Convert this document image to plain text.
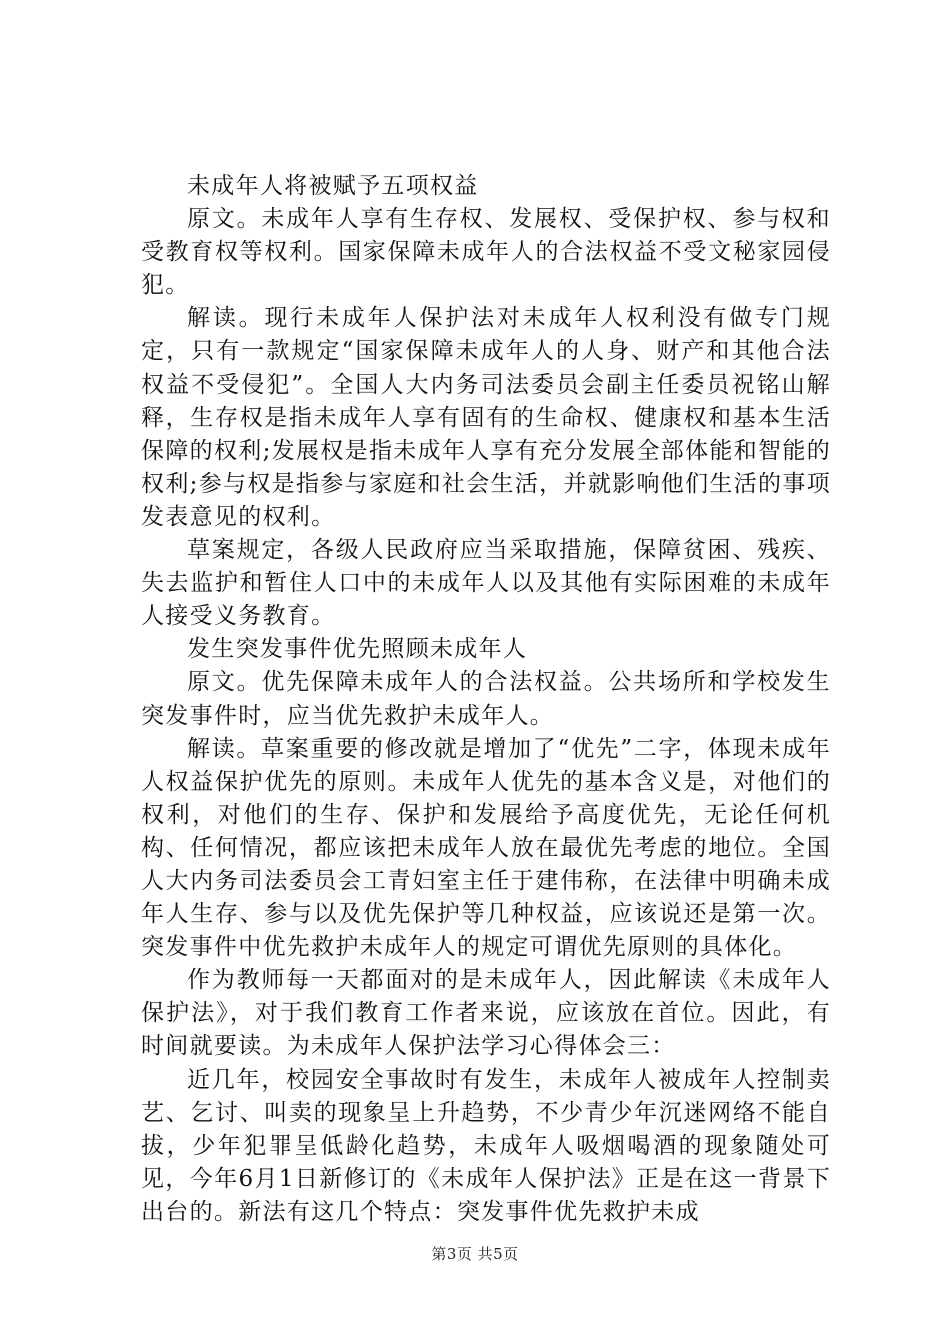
未成年人将被赋予五项权益

原文。未成年人享有生存权、发展权、受保护权、参与权和受教育权等权利。国家保障未成年人的合法权益不受文秘家园侵犯。

解读。现行未成年人保护法对未成年人权利没有做专门规定，只有一款规定“国家保障未成年人的人身、财产和其他合法权益不受侵犯”。全国人大内务司法委员会副主任委员祝铭山解释，生存权是指未成年人享有固有的生命权、健康权和基本生活保障的权利;发展权是指未成年人享有充分发展全部体能和智能的权利;参与权是指参与家庭和社会生活，并就影响他们生活的事项发表意见的权利。

草案规定，各级人民政府应当采取措施，保障贫困、残疾、失去监护和暂住人口中的未成年人以及其他有实际困难的未成年人接受义务教育。

发生突发事件优先照顾未成年人

原文。优先保障未成年人的合法权益。公共场所和学校发生突发事件时，应当优先救护未成年人。

解读。草案重要的修改就是增加了“优先”二字，体现未成年人权益保护优先的原则。未成年人优先的基本含义是，对他们的权利，对他们的生存、保护和发展给予高度优先，无论任何机构、任何情况，都应该把未成年人放在最优先考虑的地位。全国人大内务司法委员会工青妇室主任于建伟称，在法律中明确未成年人生存、参与以及优先保护等几种权益，应该说还是第一次。突发事件中优先救护未成年人的规定可谓优先原则的具体化。

作为教师每一天都面对的是未成年人，因此解读《未成年人保护法》，对于我们教育工作者来说，应该放在首位。因此，有时间就要读。为未成年人保护法学习心得体会三：

近几年，校园安全事故时有发生，未成年人被成年人控制卖艺、乞讨、叫卖的现象呈上升趋势，不少青少年沉迷网络不能自拔，少年犯罪呈低龄化趋势，未成年人吸烟喝酒的现象随处可见，今年6月1日新修订的《未成年人保护法》正是在这一背景下出台的。新法有这几个特点：突发事件优先救护未成

第3页 共5页
